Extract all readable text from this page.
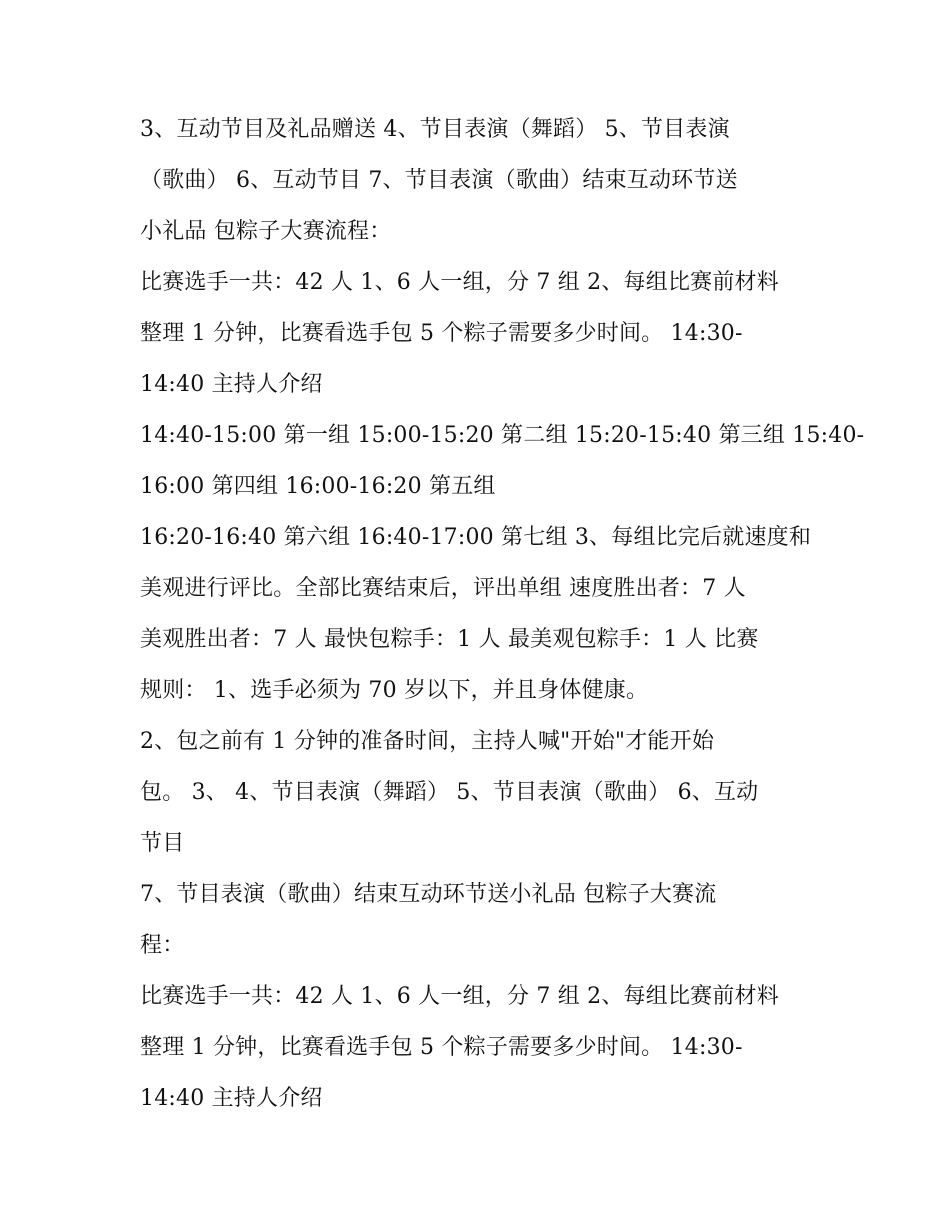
3、互动节目及礼品赠送 4、节目表演（舞蹈） 5、节目表演
（歌曲） 6、互动节目 7、节目表演（歌曲）结束互动环节送
小礼品 包粽子大赛流程：
比赛选手一共：42 人 1、6 人一组，分 7 组 2、每组比赛前材料
整理 1 分钟，比赛看选手包 5 个粽子需要多少时间。 14:30-
14:40 主持人介绍
14:40-15:00 第一组 15:00-15:20 第二组 15:20-15:40 第三组 15:40-
16:00 第四组 16:00-16:20 第五组
16:20-16:40 第六组 16:40-17:00 第七组 3、每组比完后就速度和
美观进行评比。全部比赛结束后，评出单组 速度胜出者：7 人
美观胜出者：7 人 最快包粽手：1 人 最美观包粽手：1 人 比赛
规则： 1、选手必须为 70 岁以下，并且身体健康。
2、包之前有 1 分钟的准备时间，主持人喊"开始"才能开始
包。 3、 4、节目表演（舞蹈） 5、节目表演（歌曲） 6、互动
节目
7、节目表演（歌曲）结束互动环节送小礼品 包粽子大赛流
程：
比赛选手一共：42 人 1、6 人一组，分 7 组 2、每组比赛前材料
整理 1 分钟，比赛看选手包 5 个粽子需要多少时间。 14:30-
14:40 主持人介绍
